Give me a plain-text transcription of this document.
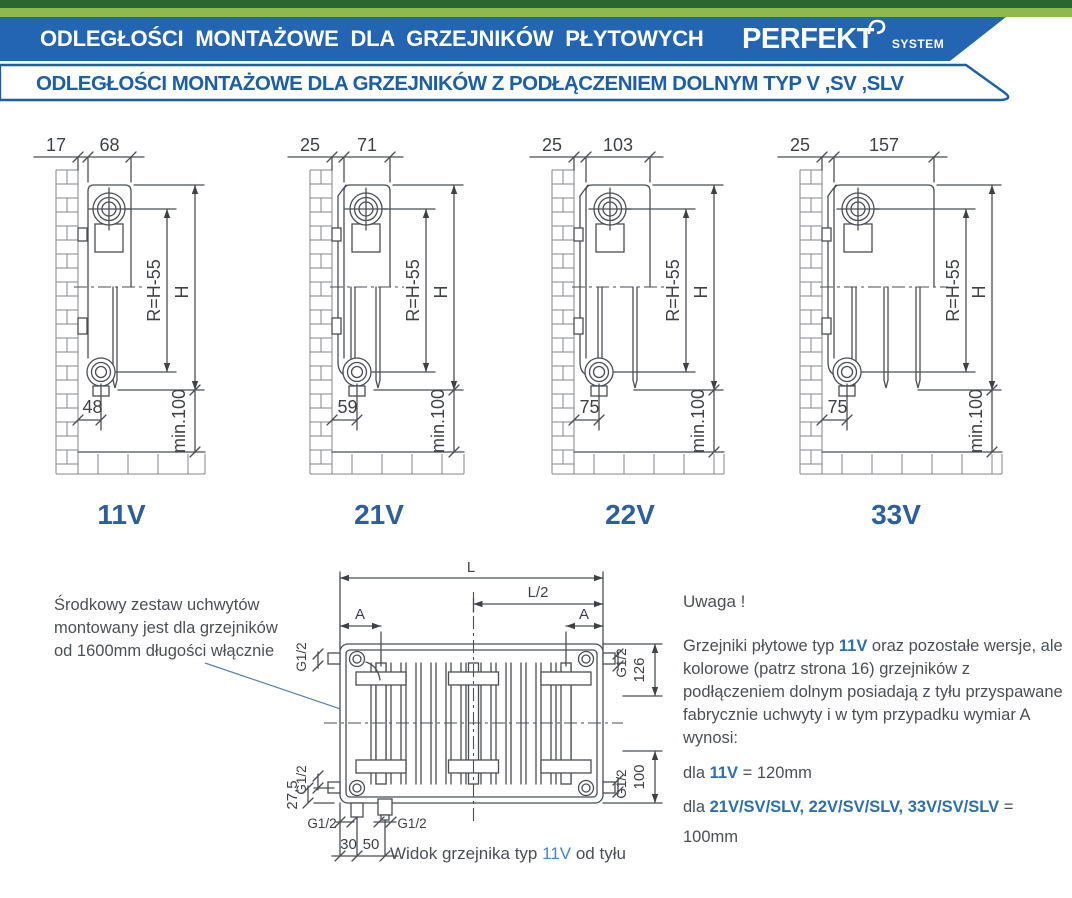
ODLEGŁOŚCI MONTAŻOWE DLA GRZEJNIKÓW PŁYTOWYCH PERFEKT SYSTEM
ODLEGŁOŚCI MONTAŻOWE DLA GRZEJNIKÓW Z PODŁĄCZENIEM DOLNYM TYP V ,SV ,SLV
17 68
R=H-55 H
min.100
48
11V
25 71
R=H-55 H
min.100
59
21V
25 103
R=H-55 H
min.100
75
22V
25	157
R=H-55 H
min.100
75
33V
L
L/2
A	A
G1/2
G1/2
G1/2 126
G1/2 100
27,5
G1/2	G1/2
30 50 Widok grzejnika typ 11V od tyłu
Środkowy zestaw uchwytów
montowany jest dla grzejników
od 1600mm długości włącznie

Uwaga !

Grzejniki płytowe typ 11V oraz pozostałe wersje, ale kolorowe (patrz strona 16) grzejników z podłączeniem dolnym posiadają z tyłu przyspawane fabrycznie uchwyty i w tym przypadku wymiar A wynosi:

dla 11V = 120mm

dla 21V/SV/SLV, 22V/SV/SLV, 33V/SV/SLV = 100mm
